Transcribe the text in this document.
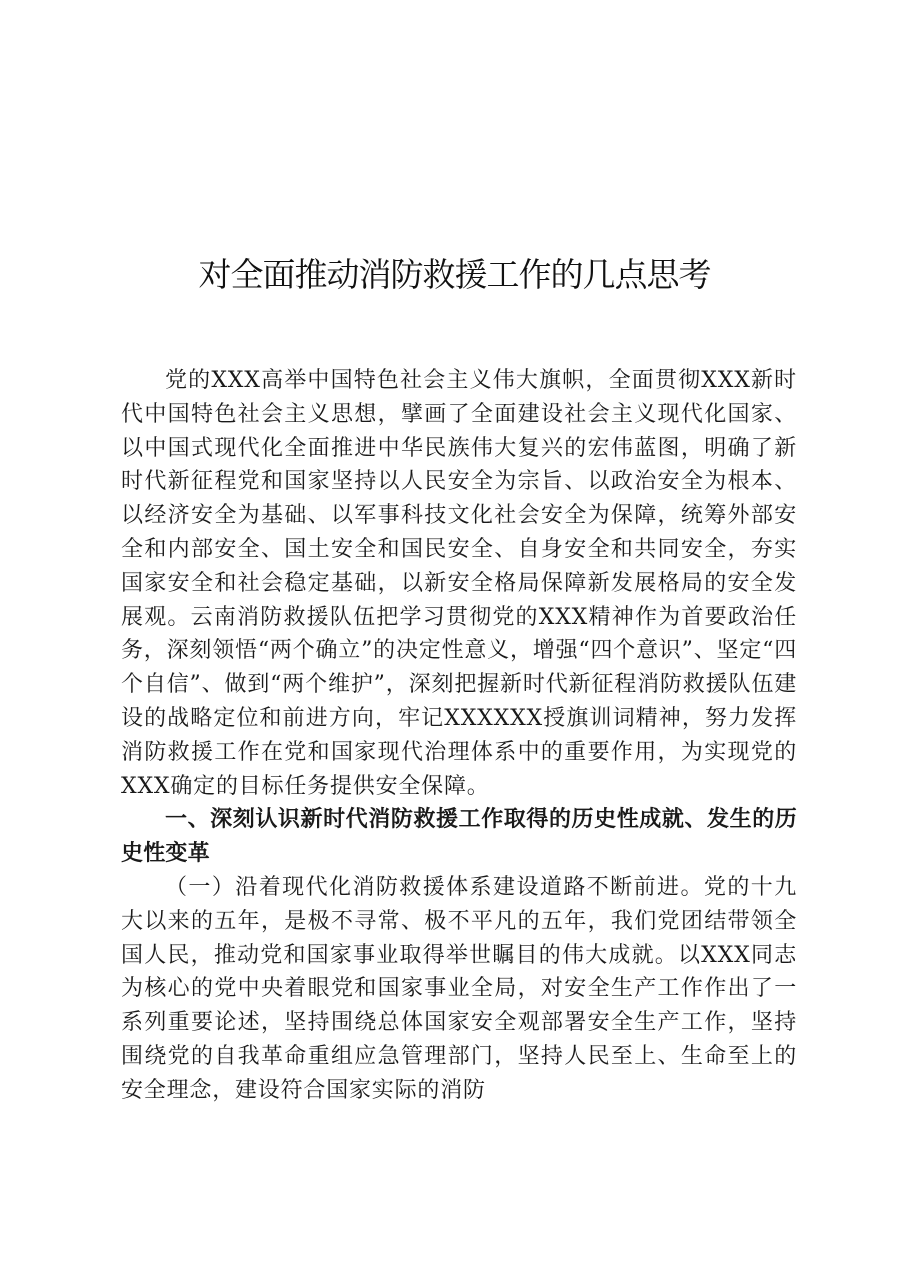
对全面推动消防救援工作的几点思考

党的XXX高举中国特色社会主义伟大旗帜，全面贯彻XXX新时代中国特色社会主义思想，擘画了全面建设社会主义现代化国家、以中国式现代化全面推进中华民族伟大复兴的宏伟蓝图，明确了新时代新征程党和国家坚持以人民安全为宗旨、以政治安全为根本、以经济安全为基础、以军事科技文化社会安全为保障，统筹外部安全和内部安全、国土安全和国民安全、自身安全和共同安全，夯实国家安全和社会稳定基础，以新安全格局保障新发展格局的安全发展观。云南消防救援队伍把学习贯彻党的XXX精神作为首要政治任务，深刻领悟“两个确立”的决定性意义，增强“四个意识”、坚定“四个自信”、做到“两个维护”，深刻把握新时代新征程消防救援队伍建设的战略定位和前进方向，牢记XXXXXX授旗训词精神，努力发挥消防救援工作在党和国家现代治理体系中的重要作用，为实现党的XXX确定的目标任务提供安全保障。

一、深刻认识新时代消防救援工作取得的历史性成就、发生的历史性变革

（一）沿着现代化消防救援体系建设道路不断前进。党的十九大以来的五年，是极不寻常、极不平凡的五年，我们党团结带领全国人民，推动党和国家事业取得举世瞩目的伟大成就。以XXX同志为核心的党中央着眼党和国家事业全局，对安全生产工作作出了一系列重要论述，坚持围绕总体国家安全观部署安全生产工作，坚持围绕党的自我革命重组应急管理部门，坚持人民至上、生命至上的安全理念，建设符合国家实际的消防
